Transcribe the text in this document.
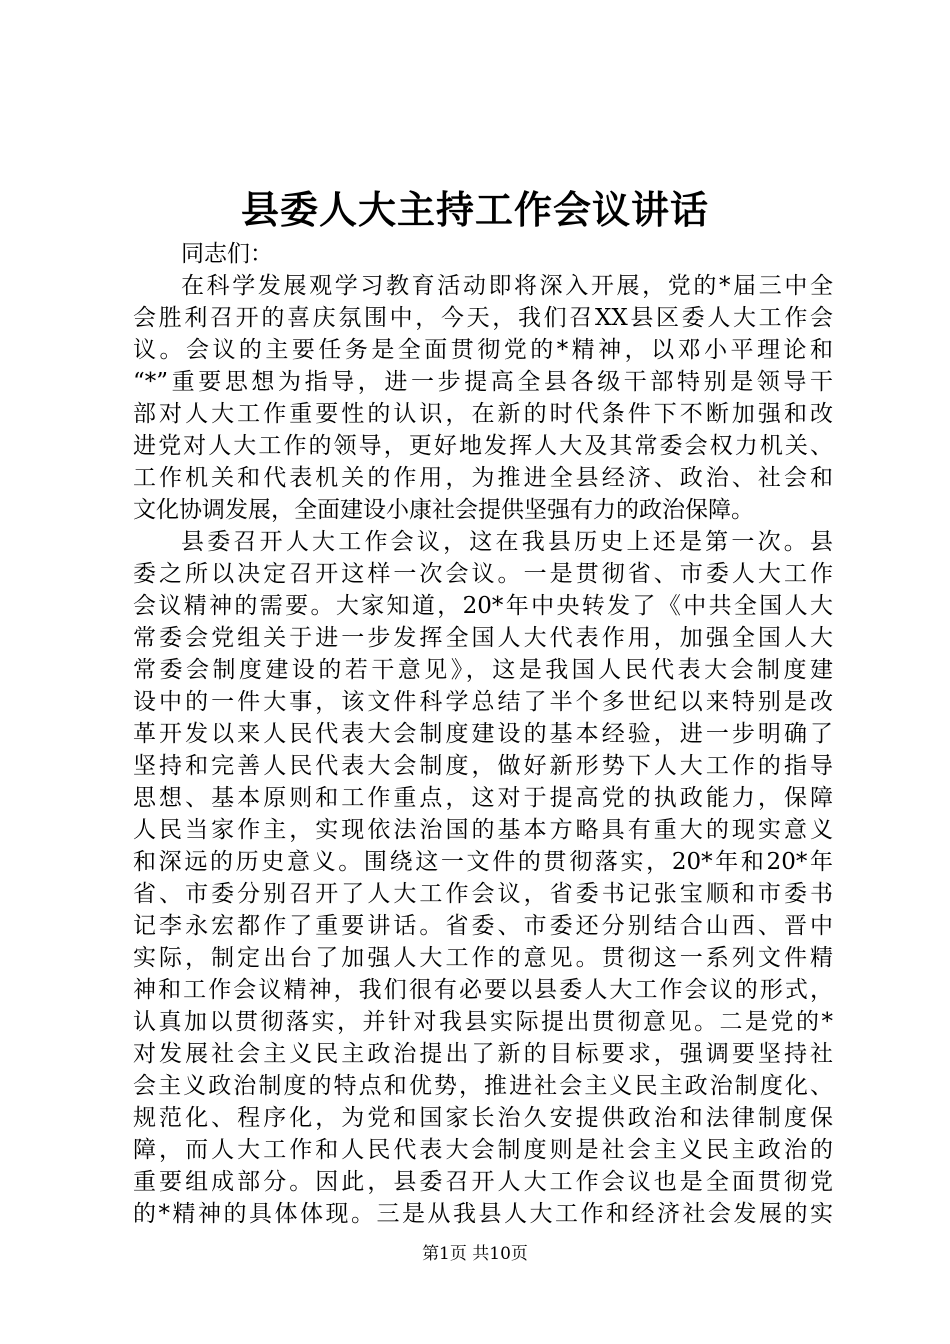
县委人大主持工作会议讲话
同志们：
在科学发展观学习教育活动即将深入开展，党的*届三中全
会胜利召开的喜庆氛围中，今天，我们召XX县区委人大工作会
议。会议的主要任务是全面贯彻党的*精神，以邓小平理论和
“*”重要思想为指导，进一步提高全县各级干部特别是领导干
部对人大工作重要性的认识，在新的时代条件下不断加强和改
进党对人大工作的领导，更好地发挥人大及其常委会权力机关、
工作机关和代表机关的作用，为推进全县经济、政治、社会和
文化协调发展，全面建设小康社会提供坚强有力的政治保障。
县委召开人大工作会议，这在我县历史上还是第一次。县
委之所以决定召开这样一次会议。一是贯彻省、市委人大工作
会议精神的需要。大家知道，20*年中央转发了《中共全国人大
常委会党组关于进一步发挥全国人大代表作用，加强全国人大
常委会制度建设的若干意见》，这是我国人民代表大会制度建
设中的一件大事，该文件科学总结了半个多世纪以来特别是改
革开发以来人民代表大会制度建设的基本经验，进一步明确了
坚持和完善人民代表大会制度，做好新形势下人大工作的指导
思想、基本原则和工作重点，这对于提高党的执政能力，保障
人民当家作主，实现依法治国的基本方略具有重大的现实意义
和深远的历史意义。围绕这一文件的贯彻落实，20*年和20*年
省、市委分别召开了人大工作会议，省委书记张宝顺和市委书
记李永宏都作了重要讲话。省委、市委还分别结合山西、晋中
实际，制定出台了加强人大工作的意见。贯彻这一系列文件精
神和工作会议精神，我们很有必要以县委人大工作会议的形式，
认真加以贯彻落实，并针对我县实际提出贯彻意见。二是党的*
对发展社会主义民主政治提出了新的目标要求，强调要坚持社
会主义政治制度的特点和优势，推进社会主义民主政治制度化、
规范化、程序化，为党和国家长治久安提供政治和法律制度保
障，而人大工作和人民代表大会制度则是社会主义民主政治的
重要组成部分。因此，县委召开人大工作会议也是全面贯彻党
的*精神的具体体现。三是从我县人大工作和经济社会发展的实
第1页 共10页
